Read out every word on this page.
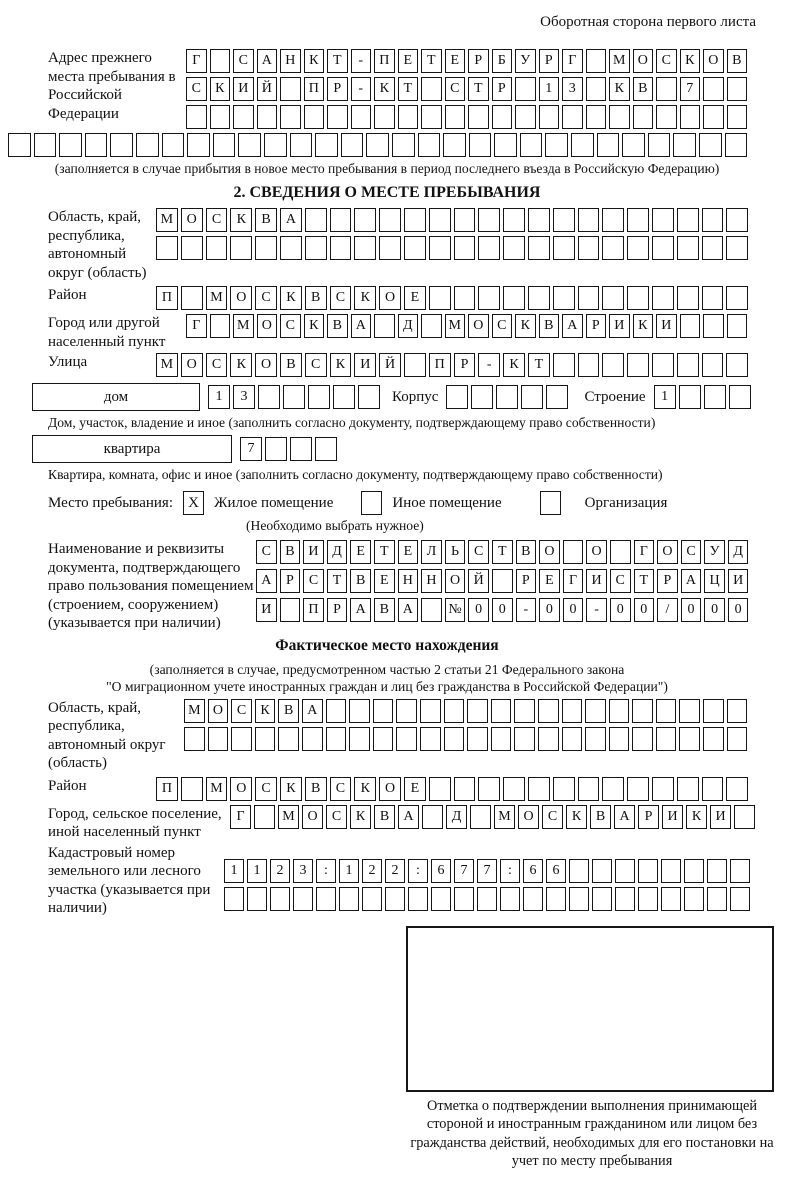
Оборотная сторона первого листа
Адрес прежнего места пребывания в Российской Федерации
Г	С А Н К	Т	-	П	Е	Т	Е	Р	Б	У	Р	Г	М О С	К О В
С	К И Й	П	Р	-	К	Т	С	Т	Р	1	3	К	В	7
(заполняется в случае прибытия в новое место пребывания в период последнего въезда в Российскую Федерацию)
2. СВЕДЕНИЯ О МЕСТЕ ПРЕБЫВАНИЯ
Область, край, республика, автономный округ (область)
М О	С	К	В	А
Район	П	М О	С	К	В	С	К	О	Е
Город или другой населенный пункт
Г	М О С	К	В А	Д	М О С	К	В А	Р	И К И
Улица	М О	С	К	О	В	С	К	И	Й	П	Р	-	К	Т
дом	1	3	Корпус	Строение	1
Дом, участок, владение и иное (заполнить согласно документу, подтверждающему право собственности)
квартира	7
Квартира, комната, офис и иное (заполнить согласно документу, подтверждающему право собственности)
Место пребывания:	X	Жилое помещение	Иное помещение	Организация
(Необходимо выбрать нужное)
Наименование и реквизиты документа, подтверждающего право пользования помещением (строением, сооружением) (указывается при наличии)
С	В И Д	Е	Т	Е	Л	Ь	С	Т	В О	О	Г	О С У Д
А	Р	С	Т	В	Е	Н Н О Й	Р	Е	Г	И С	Т	Р	А Ц И
И	П	Р	А В А	№ 0	0	-	0	0	-	0	0	/	0	0	0
Фактическое место нахождения
(заполняется в случае, предусмотренном частью 2 статьи 21 Федерального закона
"О миграционном учете иностранных граждан и лиц без гражданства в Российской Федерации")
Область, край, республика, автономный округ (область)
М О С	К	В А
Район	П	М О	С	К	В	С	К	О	Е
Город, сельское поселение, иной населенный пункт
Г	М О	С	К	В	А	Д	М О	С	К	В	А	Р	И	К	И
Кадастровый номер земельного или лесного участка (указывается при наличии)
1	1	2	3	:	1	2	2	:	6	7	7	:	6	6
Отметка о подтверждении выполнения принимающей стороной и иностранным гражданином или лицом без гражданства действий, необходимых для его постановки на учет по месту пребывания
